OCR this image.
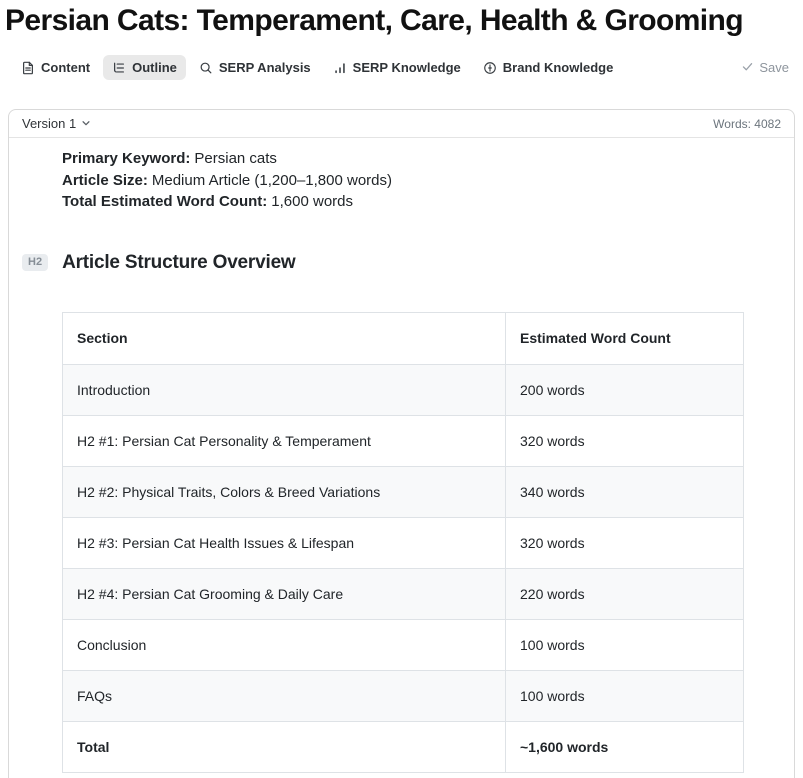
Persian Cats: Temperament, Care, Health & Grooming
Content	Outline	SERP Analysis	SERP Knowledge	Brand Knowledge	Save
Version 1	Words: 4082
Primary Keyword: Persian cats
Article Size: Medium Article (1,200–1,800 words)
Total Estimated Word Count: 1,600 words
H2	Article Structure Overview
Section	Estimated Word Count
Introduction	200 words
H2 #1: Persian Cat Personality & Temperament	320 words
H2 #2: Physical Traits, Colors & Breed Variations	340 words
H2 #3: Persian Cat Health Issues & Lifespan	320 words
H2 #4: Persian Cat Grooming & Daily Care	220 words
Conclusion	100 words
FAQs	100 words
Total	~1,600 words
